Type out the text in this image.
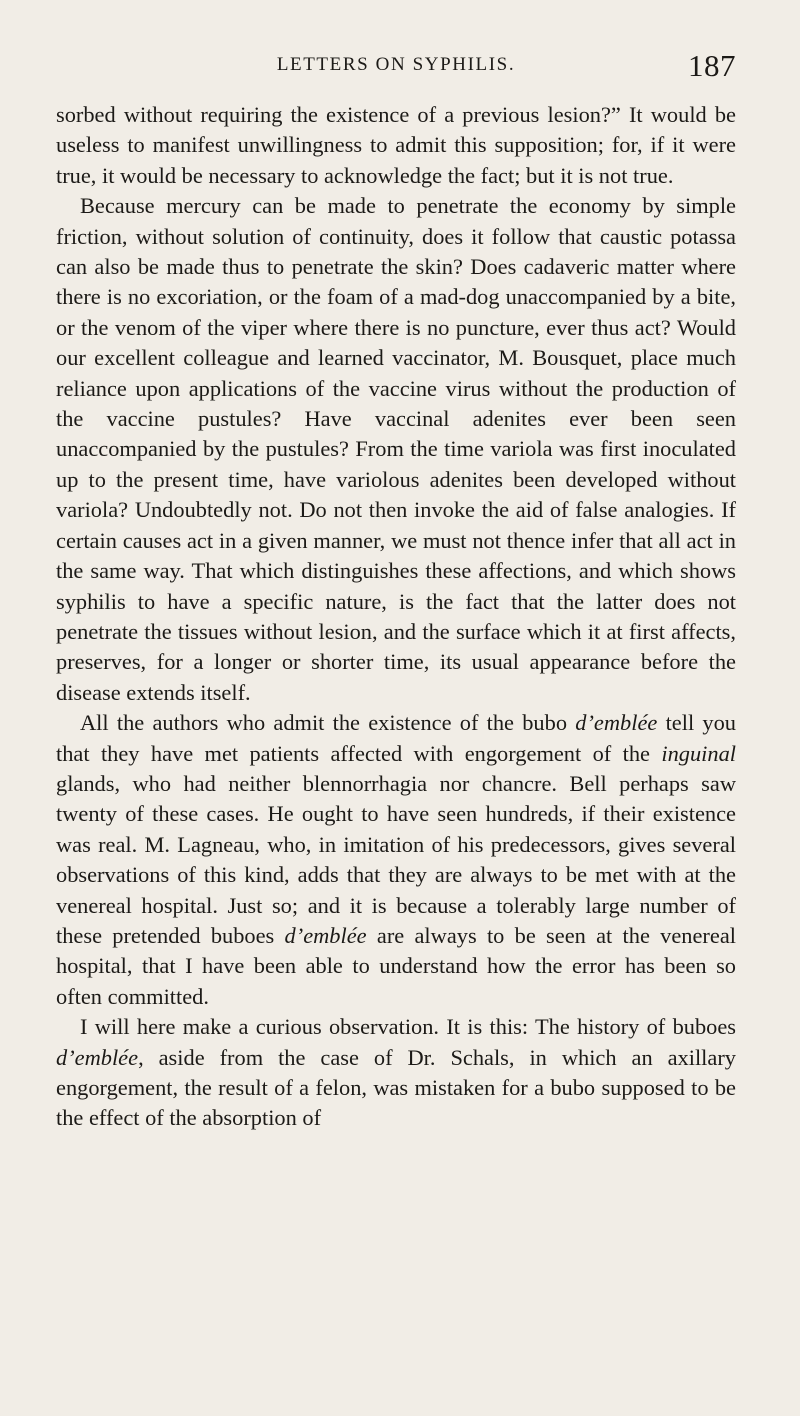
LETTERS ON SYPHILIS.	187

sorbed without requiring the existence of a previous lesion?” It would be useless to manifest unwillingness to admit this supposition; for, if it were true, it would be necessary to acknowledge the fact; but it is not true.

Because mercury can be made to penetrate the economy by simple friction, without solution of continuity, does it follow that caustic potassa can also be made thus to penetrate the skin? Does cadaveric matter where there is no excoriation, or the foam of a mad-dog unaccompanied by a bite, or the venom of the viper where there is no puncture, ever thus act? Would our excellent colleague and learned vaccinator, M. Bousquet, place much reliance upon applications of the vaccine virus without the production of the vaccine pustules? Have vaccinal adenites ever been seen unaccompanied by the pustules? From the time variola was first inoculated up to the present time, have variolous adenites been developed without variola? Undoubtedly not. Do not then invoke the aid of false analogies. If certain causes act in a given manner, we must not thence infer that all act in the same way. That which distinguishes these affections, and which shows syphilis to have a specific nature, is the fact that the latter does not penetrate the tissues without lesion, and the surface which it at first affects, preserves, for a longer or shorter time, its usual appearance before the disease extends itself.

All the authors who admit the existence of the bubo d’emblée tell you that they have met patients affected with engorgement of the inguinal glands, who had neither blennorrhagia nor chancre. Bell perhaps saw twenty of these cases. He ought to have seen hundreds, if their existence was real. M. Lagneau, who, in imitation of his predecessors, gives several observations of this kind, adds that they are always to be met with at the venereal hospital. Just so; and it is because a tolerably large number of these pretended buboes d’emblée are always to be seen at the venereal hospital, that I have been able to understand how the error has been so often committed.

I will here make a curious observation. It is this: The history of buboes d’emblée, aside from the case of Dr. Schals, in which an axillary engorgement, the result of a felon, was mistaken for a bubo supposed to be the effect of the absorption of
